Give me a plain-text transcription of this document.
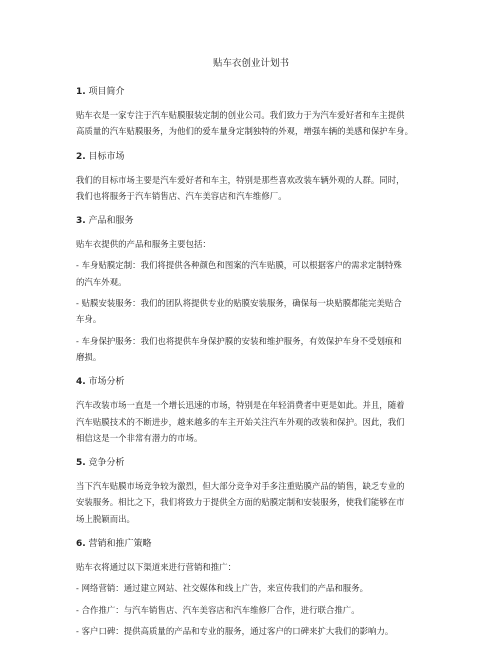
贴车衣创业计划书
1. 项目简介

贴车衣是一家专注于汽车贴膜服装定制的创业公司。我们致力于为汽车爱好者和车主提供
高质量的汽车贴膜服务，为他们的爱车量身定制独特的外观，增强车辆的美感和保护车身。

2. 目标市场

我们的目标市场主要是汽车爱好者和车主，特别是那些喜欢改装车辆外观的人群。同时，
我们也将服务于汽车销售店、汽车美容店和汽车维修厂。

3. 产品和服务

贴车衣提供的产品和服务主要包括：

- 车身贴膜定制：我们将提供各种颜色和图案的汽车贴膜，可以根据客户的需求定制特殊
的汽车外观。

- 贴膜安装服务：我们的团队将提供专业的贴膜安装服务，确保每一块贴膜都能完美贴合
车身。

- 车身保护服务：我们也将提供车身保护膜的安装和维护服务，有效保护车身不受划痕和
磨损。

4. 市场分析

汽车改装市场一直是一个增长迅速的市场，特别是在年轻消费者中更是如此。并且，随着
汽车贴膜技术的不断进步，越来越多的车主开始关注汽车外观的改装和保护。因此，我们
相信这是一个非常有潜力的市场。

5. 竞争分析

当下汽车贴膜市场竞争较为激烈，但大部分竞争对手多注重贴膜产品的销售，缺乏专业的
安装服务。相比之下，我们将致力于提供全方面的贴膜定制和安装服务，使我们能够在市
场上脱颖而出。

6. 营销和推广策略

贴车衣将通过以下渠道来进行营销和推广：

- 网络营销：通过建立网站、社交媒体和线上广告，来宣传我们的产品和服务。

- 合作推广：与汽车销售店、汽车美容店和汽车维修厂合作，进行联合推广。

- 客户口碑：提供高质量的产品和专业的服务，通过客户的口碑来扩大我们的影响力。
